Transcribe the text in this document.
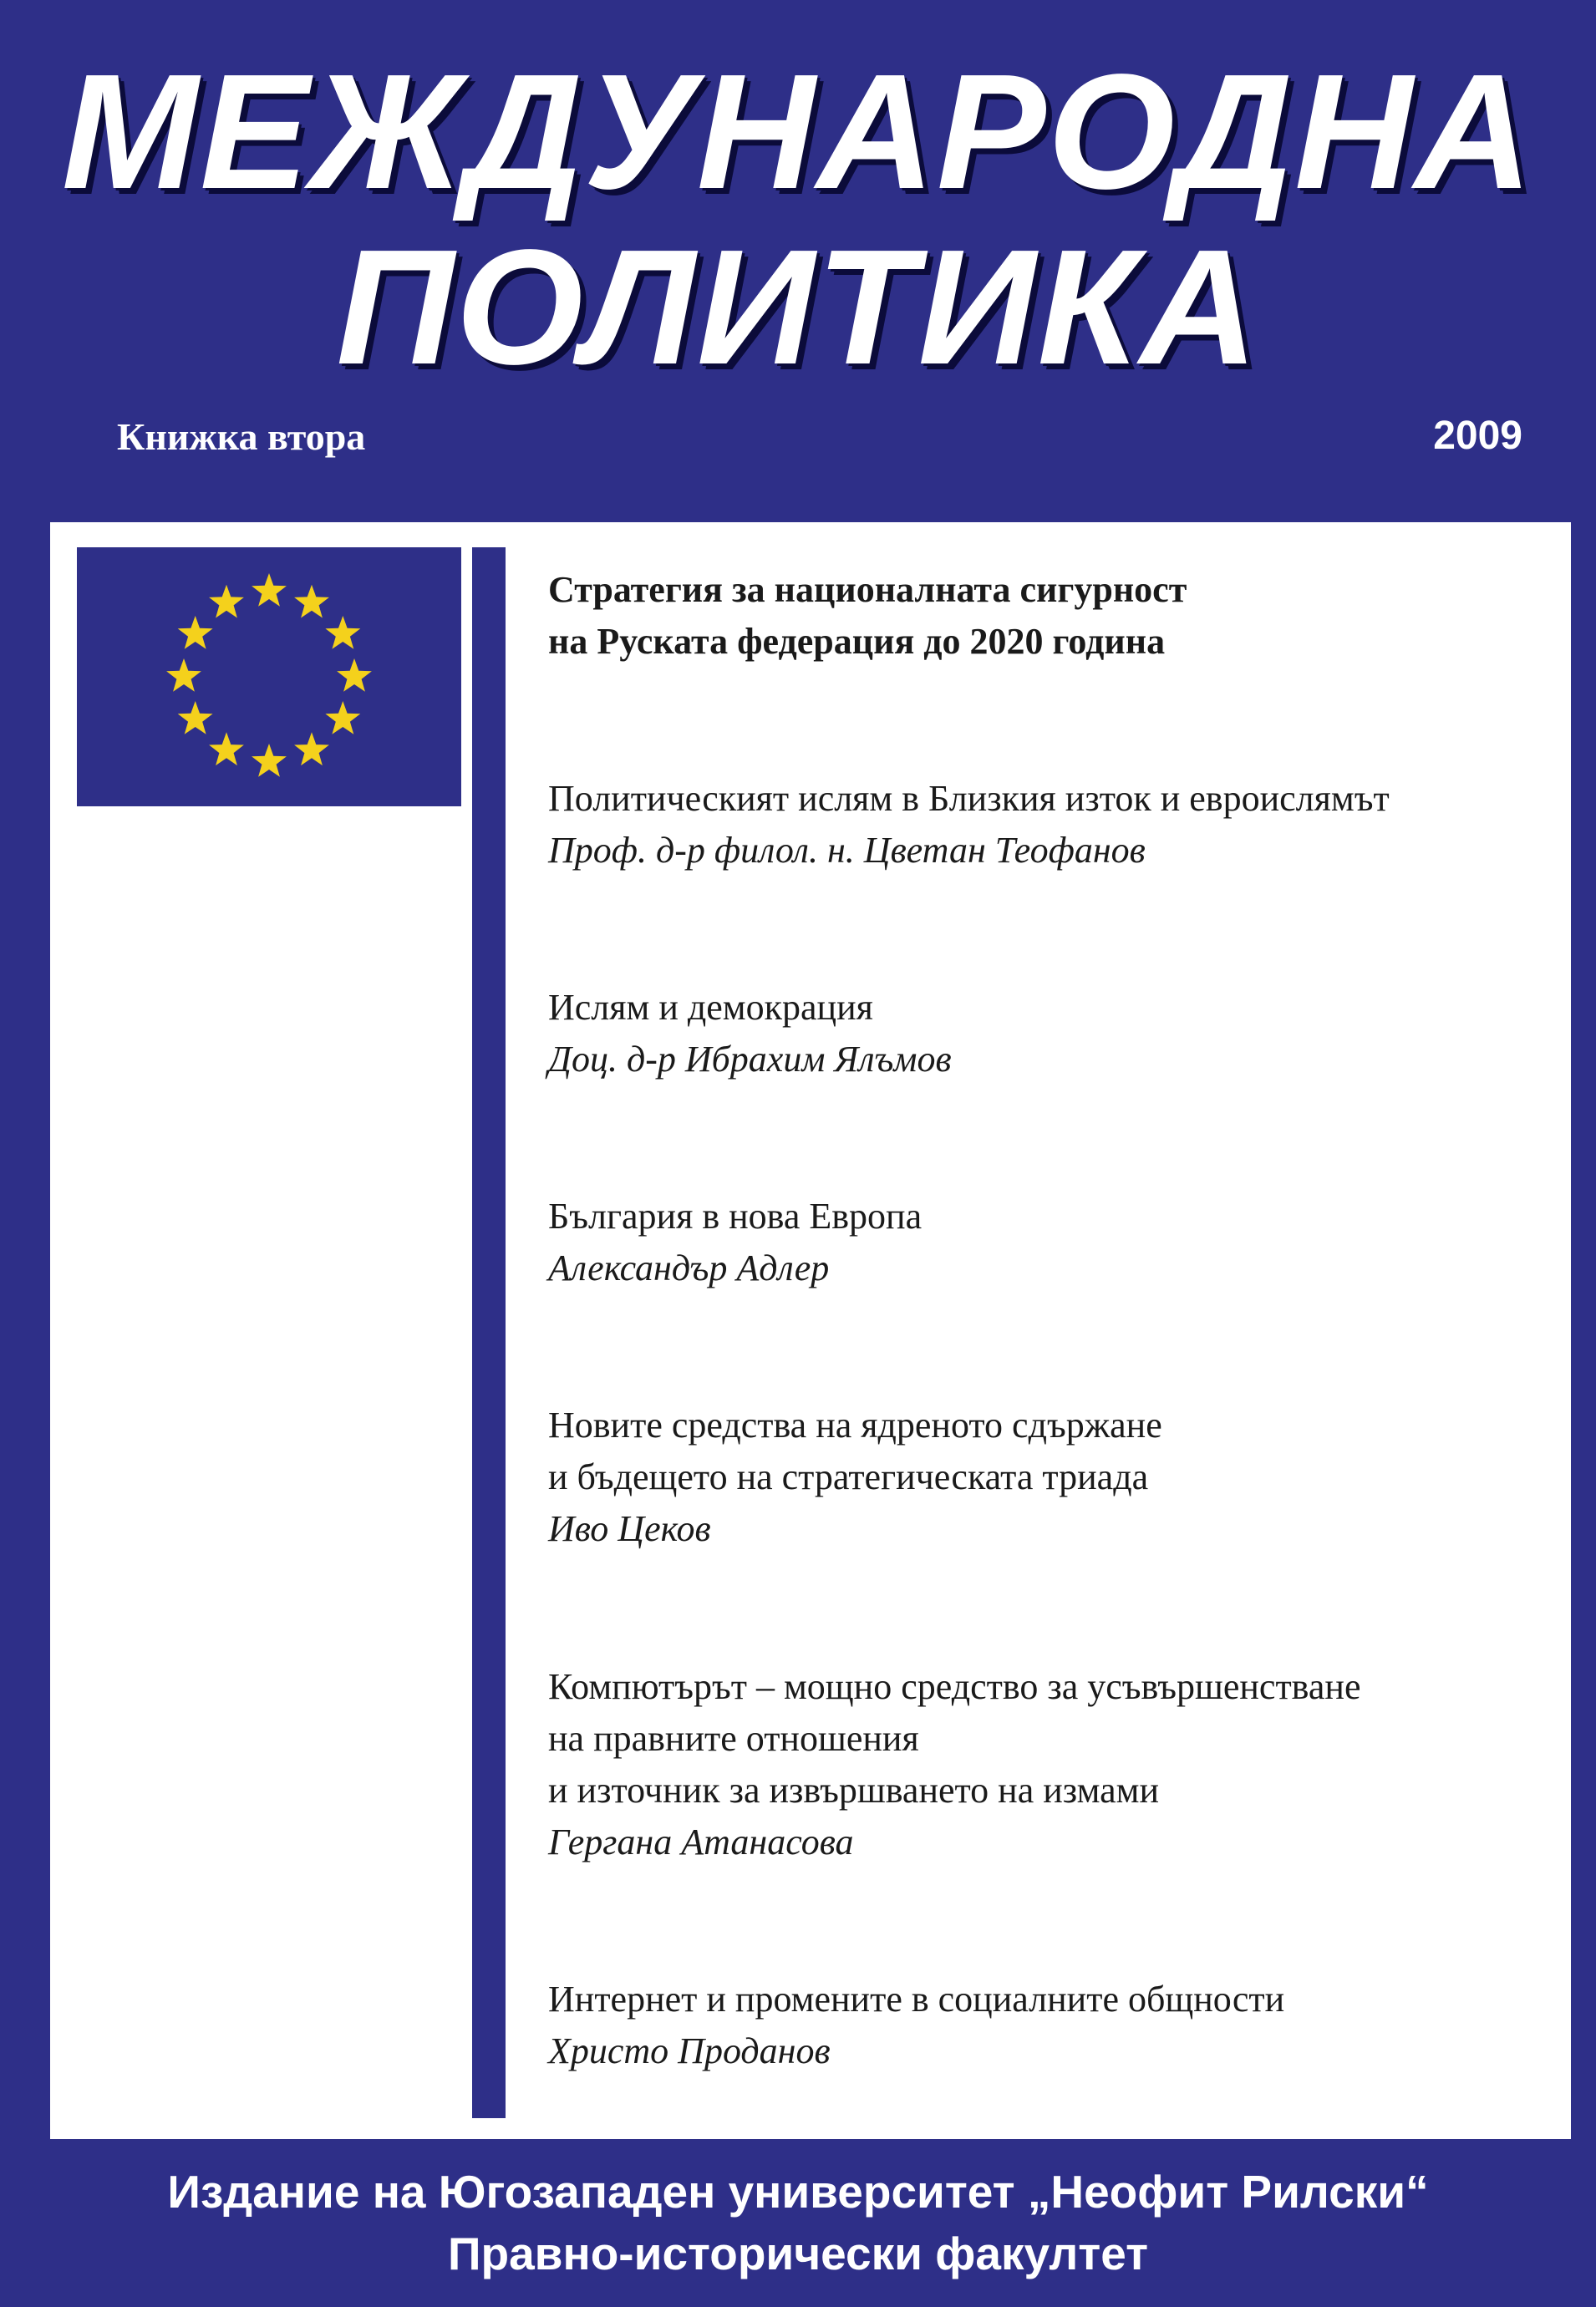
МЕЖДУНАРОДНА
ПОЛИТИКА
Книжка втора	2009
Стратегия за националната сигурност
на Руската федерация до 2020 година
Политическият ислям в Близкия изток и евроислямът
Проф. д-р филол. н. Цветан Теофанов
Ислям и демокрация
Доц. д-р Ибрахим Ялъмов
България в нова Европа
Александър Адлер
Новите средства на ядреното сдържане
и бъдещето на стратегическата триада
Иво Цеков
Компютърът – мощно средство за усъвършенстване
на правните отношения
и източник за извършването на измами
Гергана Атанасова
Интернет и промените в социалните общности
Христо Проданов
Издание на Югозападен университет „Неофит Рилски“
Правно-исторически факултет
